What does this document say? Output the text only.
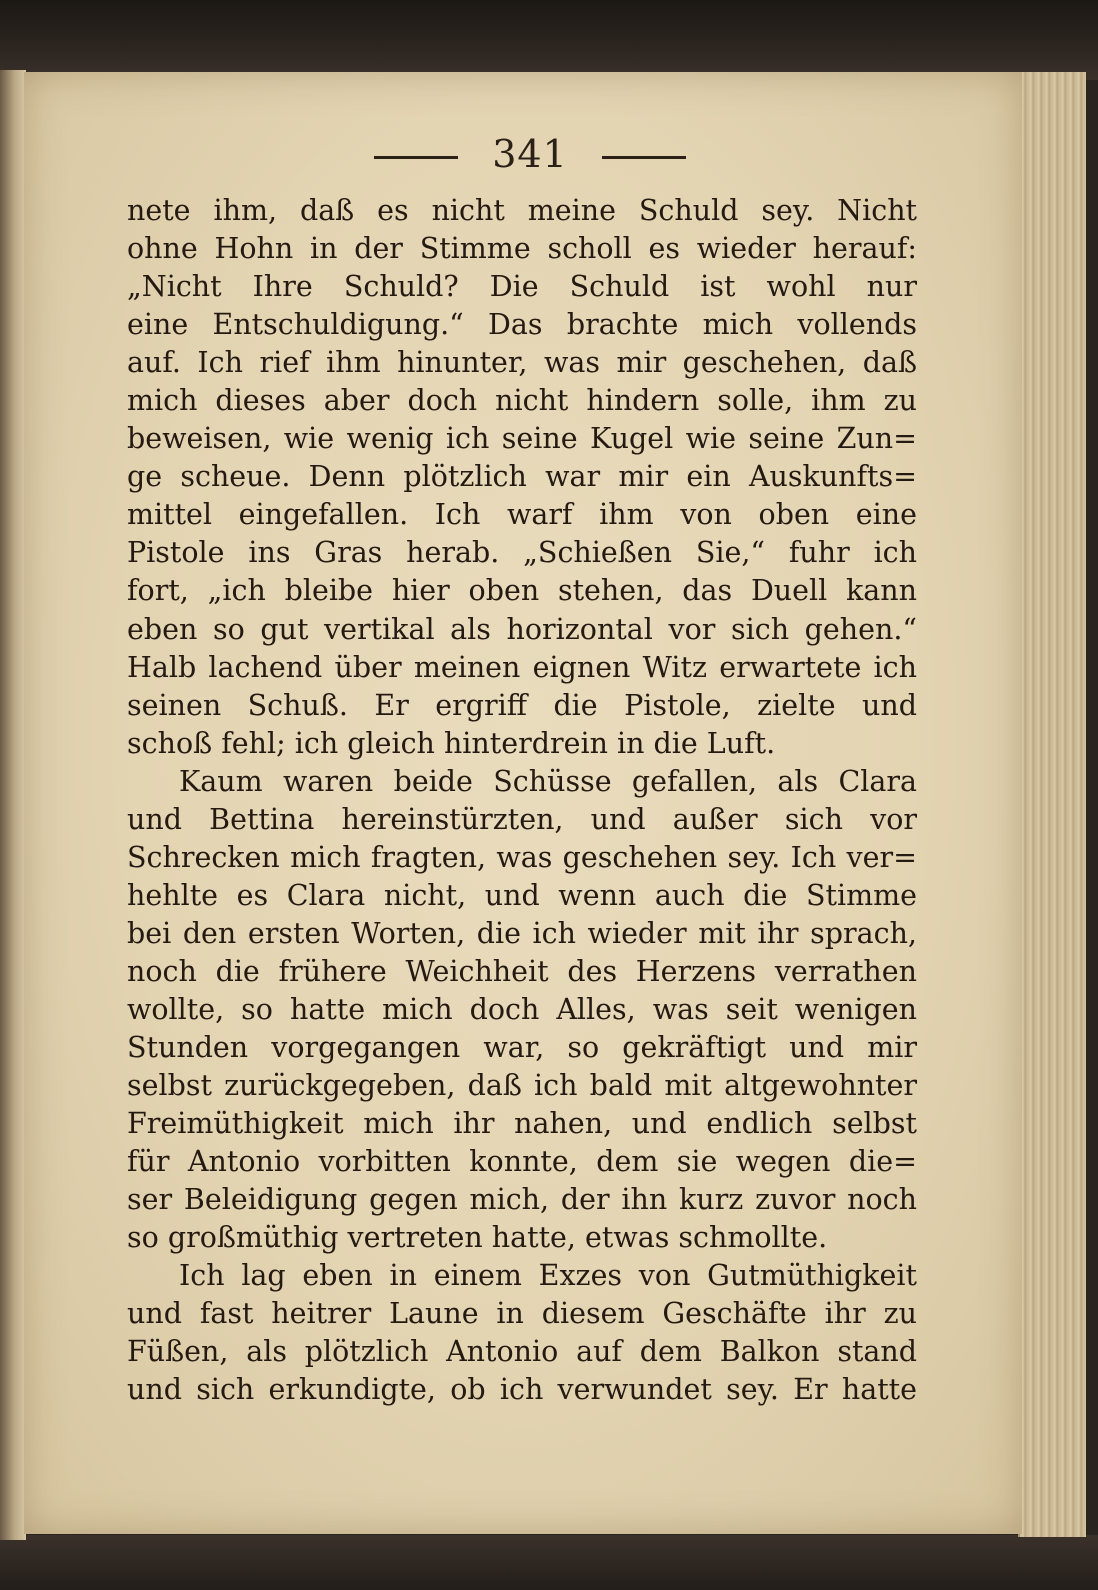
341
nete ihm, daß es nicht meine Schuld sey. Nicht
ohne Hohn in der Stimme scholl es wieder herauf:
„Nicht Ihre Schuld? Die Schuld ist wohl nur
eine Entschuldigung.“ Das brachte mich vollends
auf. Ich rief ihm hinunter, was mir geschehen, daß
mich dieses aber doch nicht hindern solle, ihm zu
beweisen, wie wenig ich seine Kugel wie seine Zun=
ge scheue. Denn plötzlich war mir ein Auskunfts=
mittel eingefallen. Ich warf ihm von oben eine
Pistole ins Gras herab. „Schießen Sie,“ fuhr ich
fort, „ich bleibe hier oben stehen, das Duell kann
eben so gut vertikal als horizontal vor sich gehen.“
Halb lachend über meinen eignen Witz erwartete ich
seinen Schuß. Er ergriff die Pistole, zielte und
schoß fehl; ich gleich hinterdrein in die Luft.
Kaum waren beide Schüsse gefallen, als Clara
und Bettina hereinstürzten, und außer sich vor
Schrecken mich fragten, was geschehen sey. Ich ver=
hehlte es Clara nicht, und wenn auch die Stimme
bei den ersten Worten, die ich wieder mit ihr sprach,
noch die frühere Weichheit des Herzens verrathen
wollte, so hatte mich doch Alles, was seit wenigen
Stunden vorgegangen war, so gekräftigt und mir
selbst zurückgegeben, daß ich bald mit altgewohnter
Freimüthigkeit mich ihr nahen, und endlich selbst
für Antonio vorbitten konnte, dem sie wegen die=
ser Beleidigung gegen mich, der ihn kurz zuvor noch
so großmüthig vertreten hatte, etwas schmollte.
Ich lag eben in einem Exzes von Gutmüthigkeit
und fast heitrer Laune in diesem Geschäfte ihr zu
Füßen, als plötzlich Antonio auf dem Balkon stand
und sich erkundigte, ob ich verwundet sey. Er hatte
